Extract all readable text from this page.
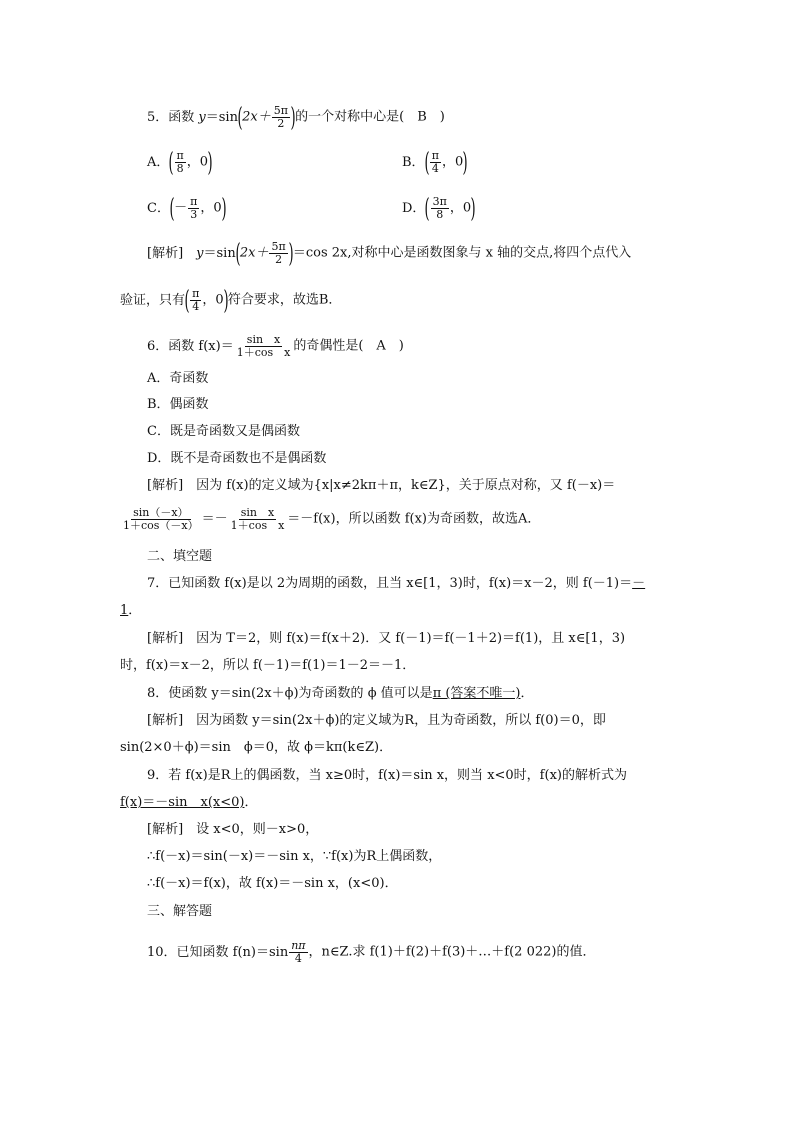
5．函数 $y=\sin(2x+ \frac{5\pi}{2}$ )的一个对称中心是(　B　)
A．( $\frac{\pi}{8}$ ，0)	B．( $\frac{\pi}{4}$ ，0)
C．(－ $\frac{\pi}{3}$ ，0)	D．( $\frac{3\pi}{8}$ ，0)
[解析]　$y=\sin(2x+ \frac{5\pi}{2} )=\cos$ 2x,对称中心是函数图象与 x 轴的交点,将四个点代入
验证，只有( $\frac{\pi}{4}$ ，0)符合要求，故选B．
6．函数 $f(x)= \frac{\text{sin　x}}{\text{1＋cos　x}}$ 的奇偶性是(　A　)
A．奇函数
B．偶函数
C．既是奇函数又是偶函数
D．既不是奇函数也不是偶函数
[解析]　因为 f(x)的定义域为{x|x≠2kπ＋π，k∈Z}，关于原点对称，又 f(－x)＝
$\frac{\sin(-x)}{1+\cos(-x)} =- \frac{\text{sin　x}}{\text{1＋cos　x}} =-f(x)$，所以函数 f(x)为奇函数，故选A．
二、填空题
7．已知函数 f(x)是以 2为周期的函数，且当 x∈[1，3)时，f(x)＝x－2，则 f(－1)＝－
1．
[解析]　因为 T＝2，则 f(x)＝f(x＋2)．又 f(－1)＝f(－1＋2)＝f(1)，且 x∈[1，3)
时，f(x)＝x－2，所以 f(－1)＝f(1)＝1－2＝－1．
8．使函数 y＝sin(2x＋ϕ)为奇函数的 ϕ 值可以是π (答案不唯一)．
[解析]　因为函数 y＝sin(2x＋ϕ)的定义域为R，且为奇函数，所以 f(0)＝0，即
sin(2×0＋ϕ)＝sin　ϕ＝0，故 ϕ＝kπ(k∈Z)．
9．若 f(x)是R上的偶函数，当 x≥0时，f(x)＝sin x，则当 x<0时，f(x)的解析式为
f(x)＝－sin　x(x<0)．
[解析]　设 x<0，则－x>0，
∴f(－x)＝sin(－x)＝－sin x，∵f(x)为R上偶函数，
∴f(－x)＝f(x)，故 f(x)＝－sin x，(x<0)．
三、解答题
10．已知函数 $f(n)=\sin \frac{n\pi}{4}$ ，n∈Z.求 f(1)＋f(2)＋f(3)＋…＋f(2 022)的值．
